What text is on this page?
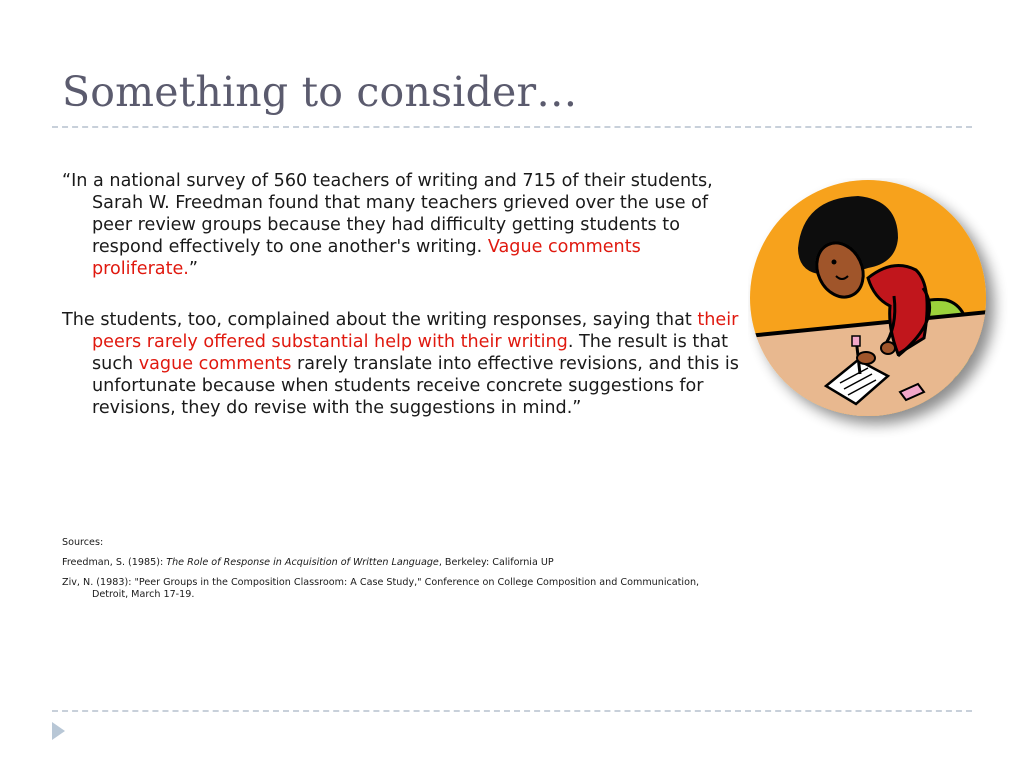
Something to consider…

“In a national survey of 560 teachers of writing and 715 of their students, Sarah W. Freedman found that many teachers grieved over the use of peer review groups because they had difficulty getting students to respond effectively to one another's writing. Vague comments proliferate.”

The students, too, complained about the writing responses, saying that their peers rarely offered substantial help with their writing. The result is that such vague comments rarely translate into effective revisions, and this is unfortunate because when students receive concrete suggestions for revisions, they do revise with the suggestions in mind.”

Sources:

Freedman, S. (1985): The Role of Response in Acquisition of Written Language, Berkeley: California UP

Ziv, N. (1983): "Peer Groups in the Composition Classroom: A Case Study," Conference on College Composition and Communication, Detroit, March 17-19.
